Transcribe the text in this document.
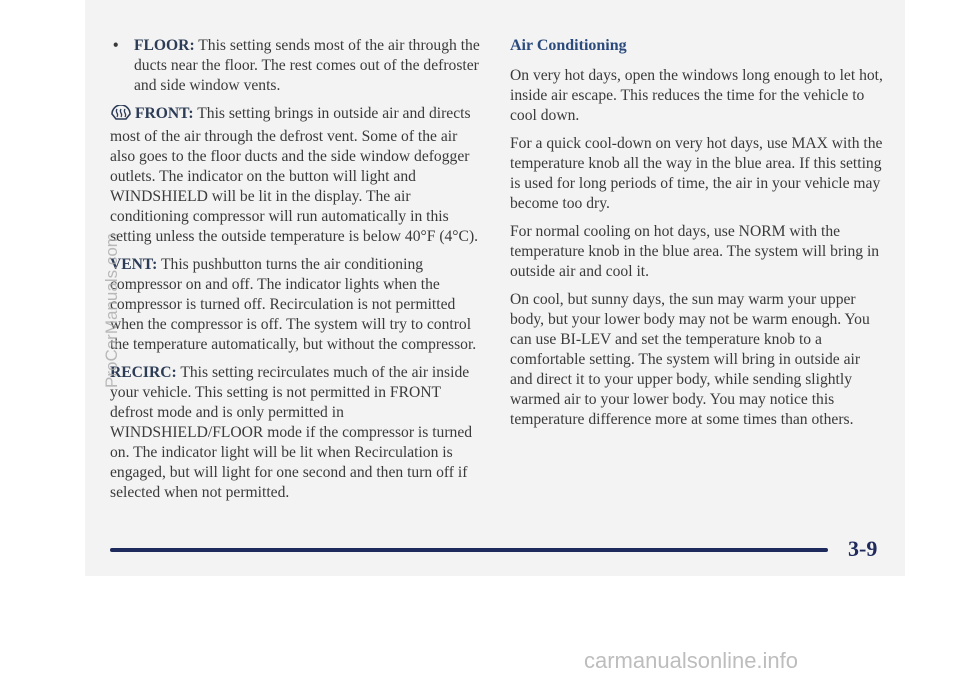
• FLOOR: This setting sends most of the air through the ducts near the floor. The rest comes out of the defroster and side window vents.

FRONT: This setting brings in outside air and directs most of the air through the defrost vent. Some of the air also goes to the floor ducts and the side window defogger outlets. The indicator on the button will light and WINDSHIELD will be lit in the display. The air conditioning compressor will run automatically in this setting unless the outside temperature is below 40°F (4°C).

VENT: This pushbutton turns the air conditioning compressor on and off. The indicator lights when the compressor is turned off. Recirculation is not permitted when the compressor is off. The system will try to control the temperature automatically, but without the compressor.

RECIRC: This setting recirculates much of the air inside your vehicle. This setting is not permitted in FRONT defrost mode and is only permitted in WINDSHIELD/FLOOR mode if the compressor is turned on. The indicator light will be lit when Recirculation is engaged, but will light for one second and then turn off if selected when not permitted.

Air Conditioning

On very hot days, open the windows long enough to let hot, inside air escape. This reduces the time for the vehicle to cool down.

For a quick cool-down on very hot days, use MAX with the temperature knob all the way in the blue area. If this setting is used for long periods of time, the air in your vehicle may become too dry.

For normal cooling on hot days, use NORM with the temperature knob in the blue area. The system will bring in outside air and cool it.

On cool, but sunny days, the sun may warm your upper body, but your lower body may not be warm enough. You can use BI-LEV and set the temperature knob to a comfortable setting. The system will bring in outside air and direct it to your upper body, while sending slightly warmed air to your lower body. You may notice this temperature difference more at some times than others.

3-9
ProCarManuals.com
carmanualsonline.info
